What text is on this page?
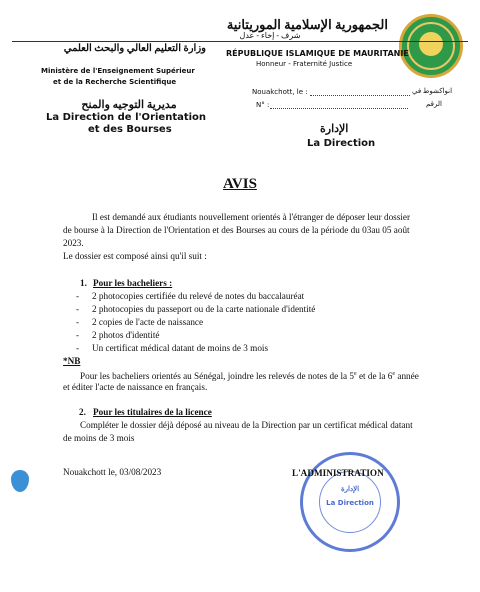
الجمهورية الإسلامية الموريتانية
شرف - إخاء - عدل
RÉPUBLIQUE ISLAMIQUE DE MAURITANIE
Honneur - Fraternité Justice
وزارة التعليم العالي والبحث العلمي
Ministère de l'Enseignement Supérieur
et de la Recherche Scientifique
مديرية التوجيه والمنح
La Direction de l'Orientation
et des Bourses
Nouakchott, le :	انواكشوط في
N° :	الرقم
الإدارة
La Direction
AVIS
Il est demandé aux étudiants nouvellement orientés à l'étranger de déposer leur dossier
de bourse à la Direction de l'Orientation et des Bourses au cours de la période du 03au 05 août
2023.
Le dossier est composé ainsi qu'il suit :
1. Pour les bacheliers :
- 2 photocopies certifiée du relevé de notes du baccalauréat
- 2 photocopies du passeport ou de la carte nationale d'identité
- 2 copies de l'acte de naissance
- 2 photos d'identité
- Un certificat médical datant de moins de 3 mois
*NB
Pour les bacheliers orientés au Sénégal, joindre les relevés de notes de la 5e et de la 6e année
et éditer l'acte de naissance en français.
2. Pour les titulaires de la licence
Compléter le dossier déjà déposé au niveau de la Direction par un certificat médical datant
de moins de 3 mois
Nouakchott le, 03/08/2023
الإدارة
La Direction
L'ADMINISTRATION
